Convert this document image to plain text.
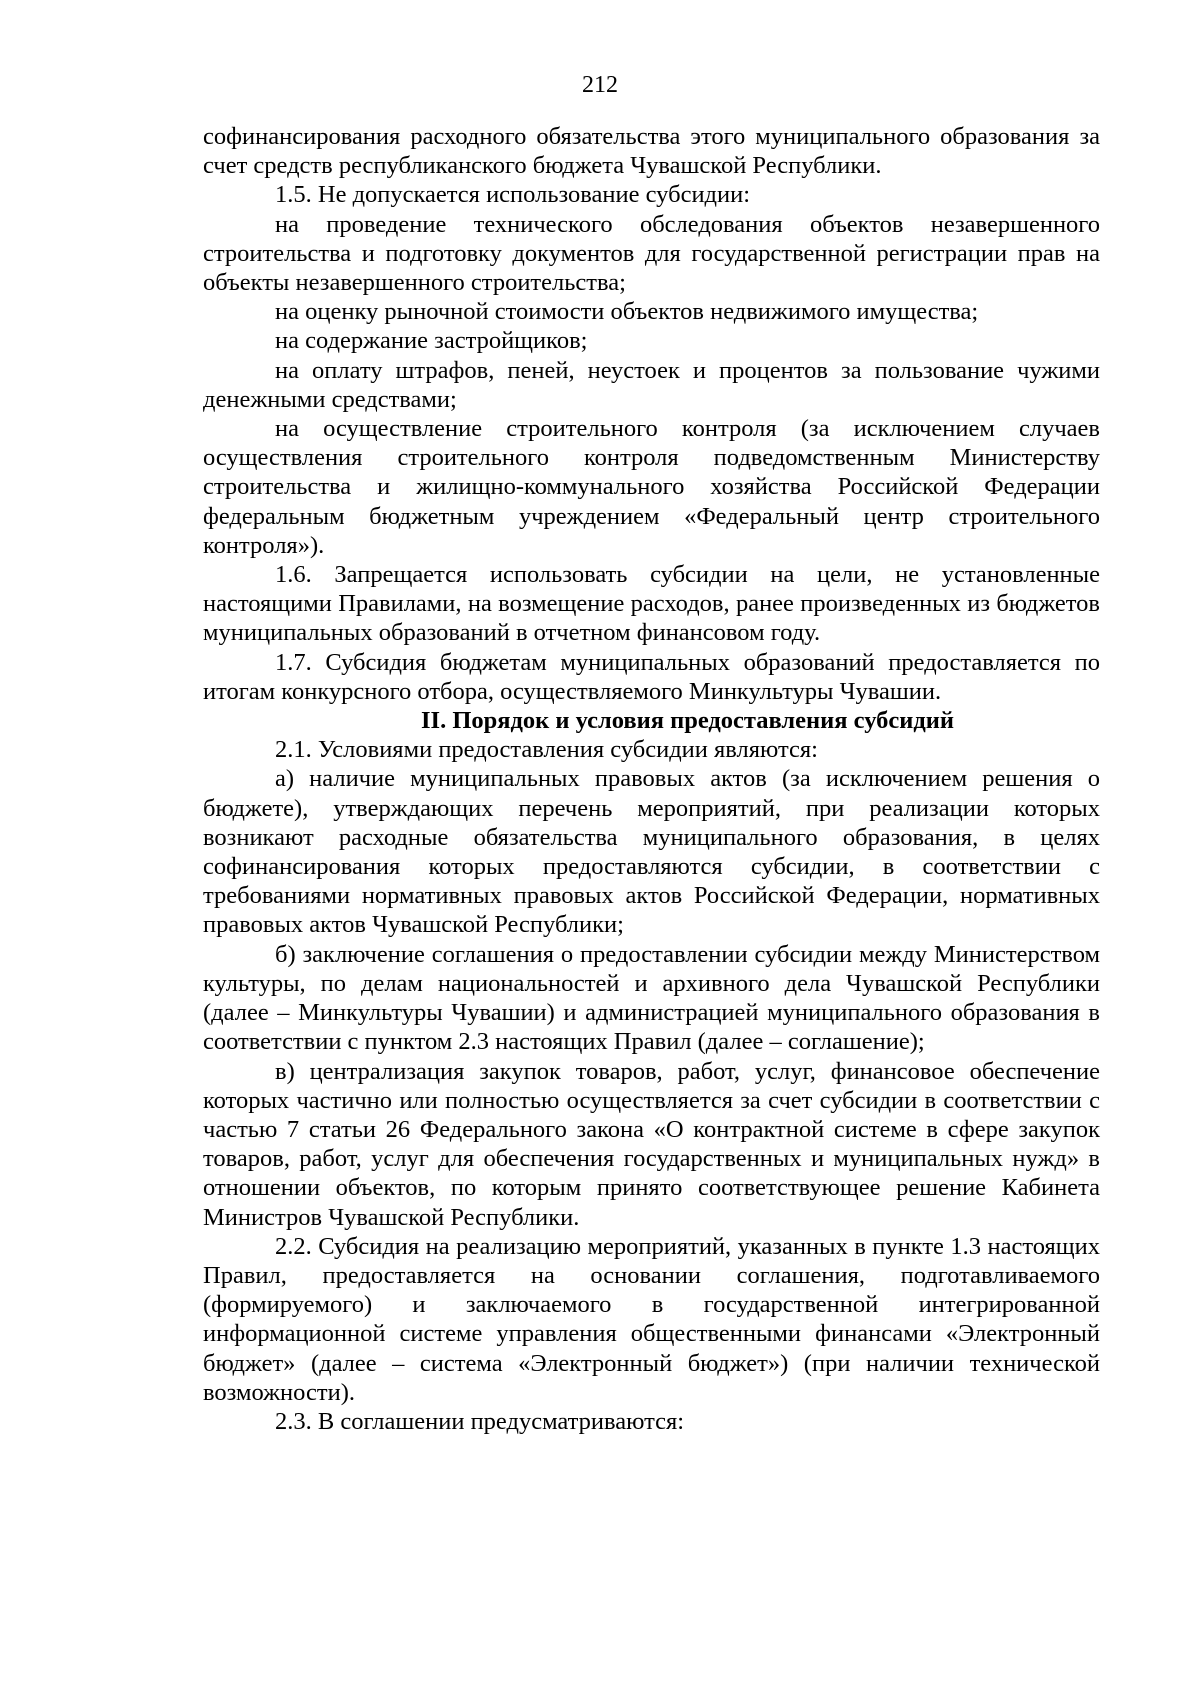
212

софинансирования расходного обязательства этого муниципального образования за счет средств республиканского бюджета Чувашской Республики.

1.5. Не допускается использование субсидии:

на проведение технического обследования объектов незавершенного строительства и подготовку документов для государственной регистрации прав на объекты незавершенного строительства;

на оценку рыночной стоимости объектов недвижимого имущества;

на содержание застройщиков;

на оплату штрафов, пеней, неустоек и процентов за пользование чужими денежными средствами;

на осуществление строительного контроля (за исключением случаев осуществления строительного контроля подведомственным Министерству строительства и жилищно-коммунального хозяйства Российской Федерации федеральным бюджетным учреждением «Федеральный центр строительного контроля»).

1.6. Запрещается использовать субсидии на цели, не установленные настоящими Правилами, на возмещение расходов, ранее произведенных из бюджетов муниципальных образований в отчетном финансовом году.

1.7. Субсидия бюджетам муниципальных образований предоставляется по итогам конкурсного отбора, осуществляемого Минкультуры Чувашии.

II. Порядок и условия предоставления субсидий

2.1. Условиями предоставления субсидии являются:

а) наличие муниципальных правовых актов (за исключением решения о бюджете), утверждающих перечень мероприятий, при реализации которых возникают расходные обязательства муниципального образования, в целях софинансирования которых предоставляются субсидии, в соответствии с требованиями нормативных правовых актов Российской Федерации, нормативных правовых актов Чувашской Республики;

б) заключение соглашения о предоставлении субсидии между Министерством культуры, по делам национальностей и архивного дела Чувашской Республики (далее – Минкультуры Чувашии) и администрацией муниципального образования в соответствии с пунктом 2.3 настоящих Правил (далее – соглашение);

в) централизация закупок товаров, работ, услуг, финансовое обеспечение которых частично или полностью осуществляется за счет субсидии в соответствии с частью 7 статьи 26 Федерального закона «О контрактной системе в сфере закупок товаров, работ, услуг для обеспечения государственных и муниципальных нужд» в отношении объектов, по которым принято соответствующее решение Кабинета Министров Чувашской Республики.

2.2. Субсидия на реализацию мероприятий, указанных в пункте 1.3 настоящих Правил, предоставляется на основании соглашения, подготавливаемого (формируемого) и заключаемого в государственной интегрированной информационной системе управления общественными финансами «Электронный бюджет» (далее – система «Электронный бюджет») (при наличии технической возможности).

2.3. В соглашении предусматриваются:
